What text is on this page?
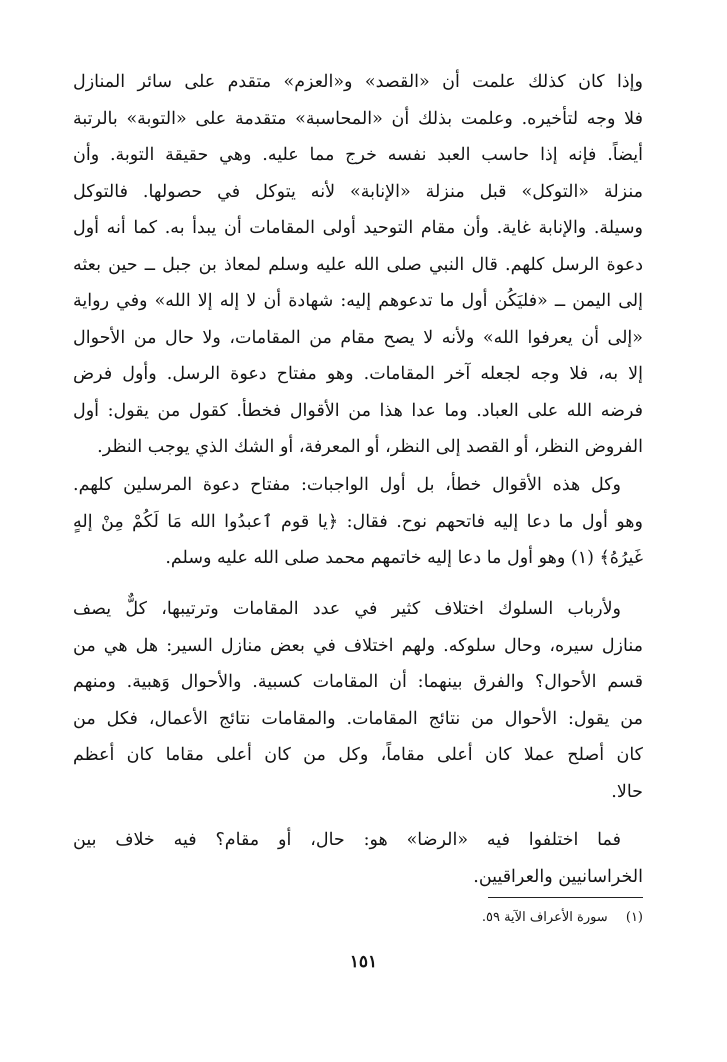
وإذا كان كذلك علمت أن «القصد» و«العزم» متقدم على سائر المنازل
فلا وجه لتأخيره. وعلمت بذلك أن «المحاسبة» متقدمة على «التوبة» بالرتبة
أيضاً. فإنه إذا حاسب العبد نفسه خرج مما عليه. وهي حقيقة التوبة. وأن
منزلة «التوكل» قبل منزلة «الإنابة» لأنه يتوكل في حصولها. فالتوكل
وسيلة. والإنابة غاية. وأن مقام التوحيد أولى المقامات أن يبدأ به. كما أنه أول
دعوة الرسل كلهم. قال النبي صلى الله عليه وسلم لمعاذ بن جبل ــ حين بعثه
إلى اليمن ــ «فليَكُن أول ما تدعوهم إليه: شهادة أن لا إله إلا الله» وفي رواية
«إلى أن يعرفوا الله» ولأنه لا يصح مقام من المقامات، ولا حال من الأحوال
إلا به، فلا وجه لجعله آخر المقامات. وهو مفتاح دعوة الرسل. وأول فرض
فرضه الله على العباد. وما عدا هذا من الأقوال فخطأ. كقول من يقول: أول
الفروض النظر، أو القصد إلى النظر، أو المعرفة، أو الشك الذي يوجب النظر.
وكل هذه الأقوال خطأ، بل أول الواجبات: مفتاح دعوة المرسلين كلهم.
وهو أول ما دعا إليه فاتحهم نوح. فقال: ﴿يا قوم ٱعبدُوا الله مَا لَكُمْ مِنْ إلهٍ
غَيرُهُ﴾ (١) وهو أول ما دعا إليه خاتمهم محمد صلى الله عليه وسلم.
ولأرباب السلوك اختلاف كثير في عدد المقامات وترتيبها، كلٌّ يصف
منازل سيره، وحال سلوكه. ولهم اختلاف في بعض منازل السير: هل هي من
قسم الأحوال؟ والفرق بينهما: أن المقامات كسبية. والأحوال وَهبية. ومنهم
من يقول: الأحوال من نتائج المقامات. والمقامات نتائج الأعمال، فكل من
كان أصلح عملا كان أعلى مقاماً، وكل من كان أعلى مقاما كان أعظم
حالا.
فما اختلفوا فيه «الرضا» هو: حال، أو مقام؟ فيه خلاف بين
الخراسانيين والعراقيين.
(١) سورة الأعراف الآية ٥٩.
١٥١
